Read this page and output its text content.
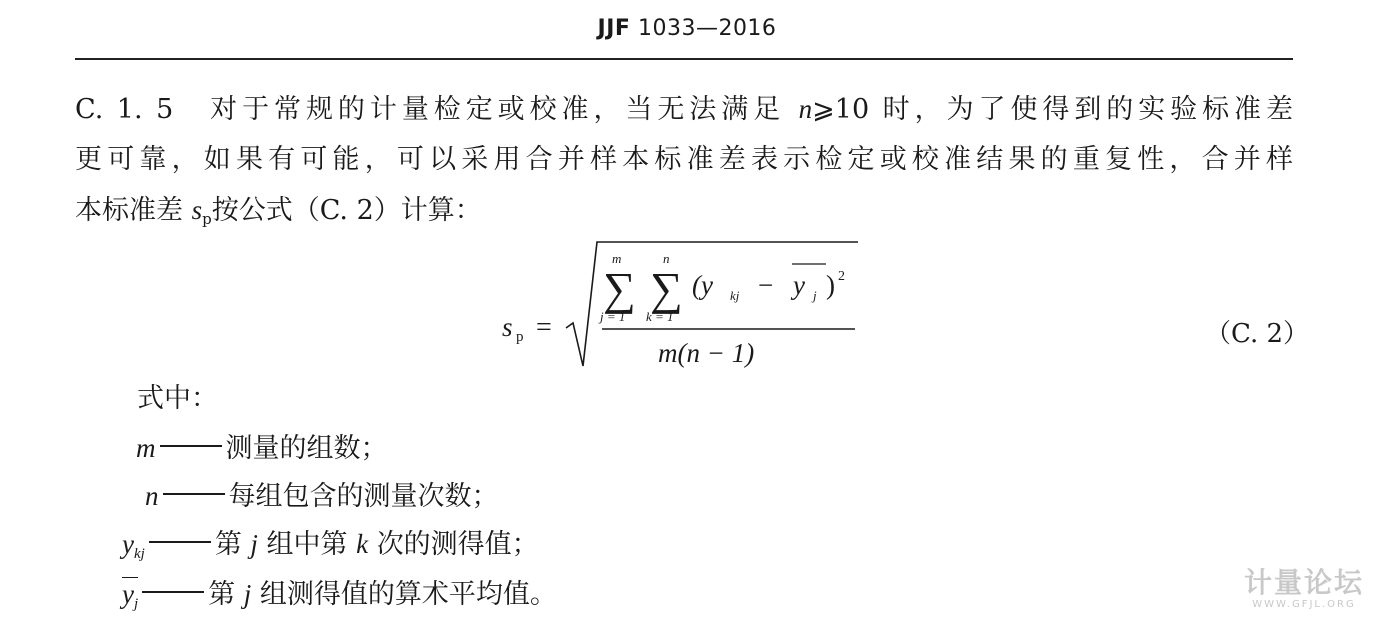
JJF 1033—2016
C. 1. 5　对于常规的计量检定或校准，当无法满足 n⩾10 时，为了使得到的实验标准差
更可靠，如果有可能，可以采用合并样本标准差表示检定或校准结果的重复性，合并样
本标准差 $s_p$按公式（C. 2）计算：
s p =
m
∑
j = 1
n
∑
k = 1
(y kj − y j ) 2
m(n − 1)
（C. 2）
式中：
m	测量的组数；
n	每组包含的测量次数；
$y_{kj}$	第 j 组中第 k 次的测得值；
$y_j$	第 j 组测得值的算术平均值。	计量论坛
WWW.GFJL.ORG
